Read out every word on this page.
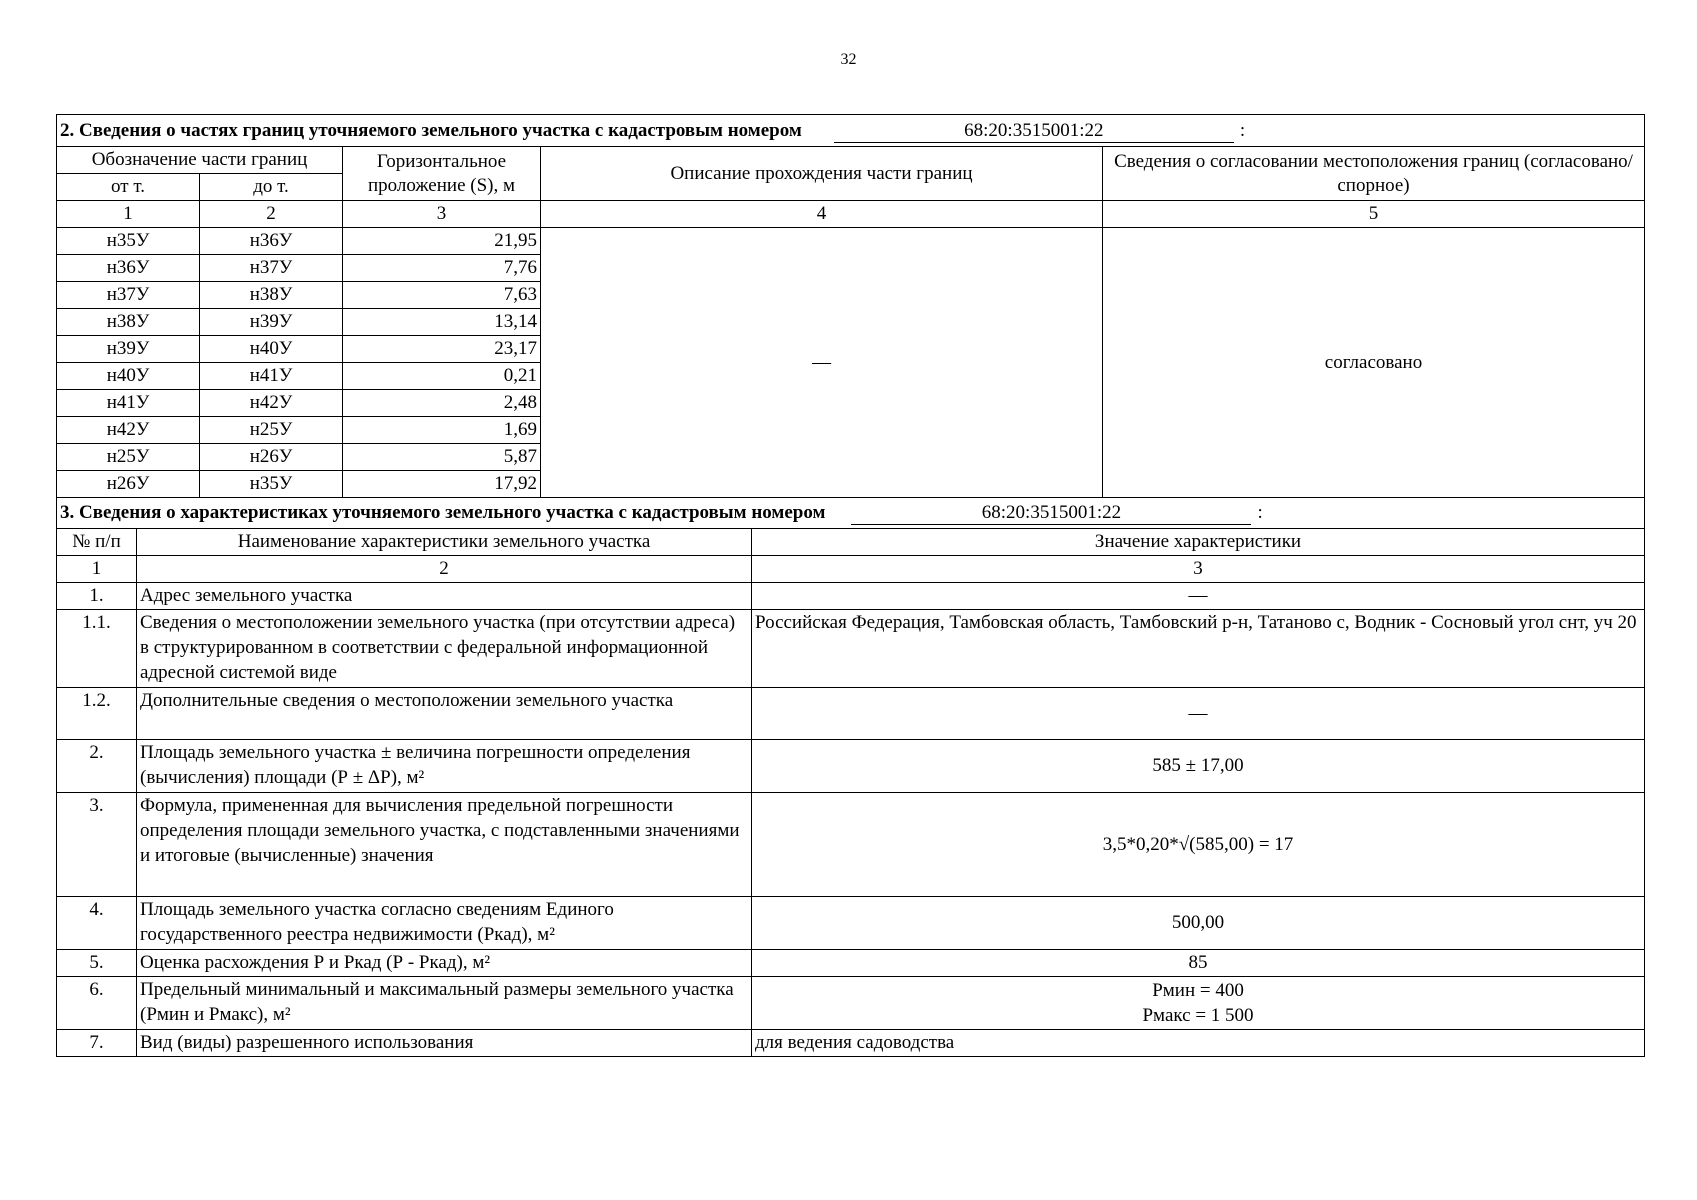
32
2. Сведения о частях границ уточняемого земельного участка с кадастровым номером 68:20:3515001:22 :						
Обозначение части границ			Горизонтальное проложение (S), м	Описание прохождения части границ		Сведения о согласовании местоположения границ (согласовано/спорное)
от т.		до т.				
1		2	3	4		5
н35У		н36У	21,95	—		согласовано
н36У		н37У	7,76			
н37У		н38У	7,63			
н38У		н39У	13,14			
н39У		н40У	23,17			
н40У		н41У	0,21			
н41У		н42У	2,48			
н42У		н25У	1,69			
н25У		н26У	5,87			
н26У		н35У	17,92			
3. Сведения о характеристиках уточняемого земельного участка с кадастровым номером 68:20:3515001:22 :						
№ п/п	Наименование характеристики земельного участка				Значение характеристики	
1	2				3	
1.	Адрес земельного участка				—	
1.1.	Сведения о местоположении земельного участка (при отсутствии адреса) в структурированном в соответствии с федеральной информационной адресной системой виде				Российская Федерация, Тамбовская область, Тамбовский р-н, Татаново с, Водник - Сосновый угол снт, уч 20	
1.2.	Дополнительные сведения о местоположении земельного участка				—	
2.	Площадь земельного участка ± величина погрешности определения (вычисления) площади (Р ± ΔР), м²				585 ± 17,00	
3.	Формула, примененная для вычисления предельной погрешности определения площади земельного участка, с подставленными значениями и итоговые (вычисленные) значения				3,5*0,20*√(585,00) = 17	
4.	Площадь земельного участка согласно сведениям Единого государственного реестра недвижимости (Ркад), м²				500,00	
5.	Оценка расхождения Р и Ркад (Р - Ркад), м²				85	
6.	Предельный минимальный и максимальный размеры земельного участка (Рмин и Рмакс), м²				Рмин = 400
Рмакс = 1 500	

7.	Вид (виды) разрешенного использования				для ведения садоводства	
